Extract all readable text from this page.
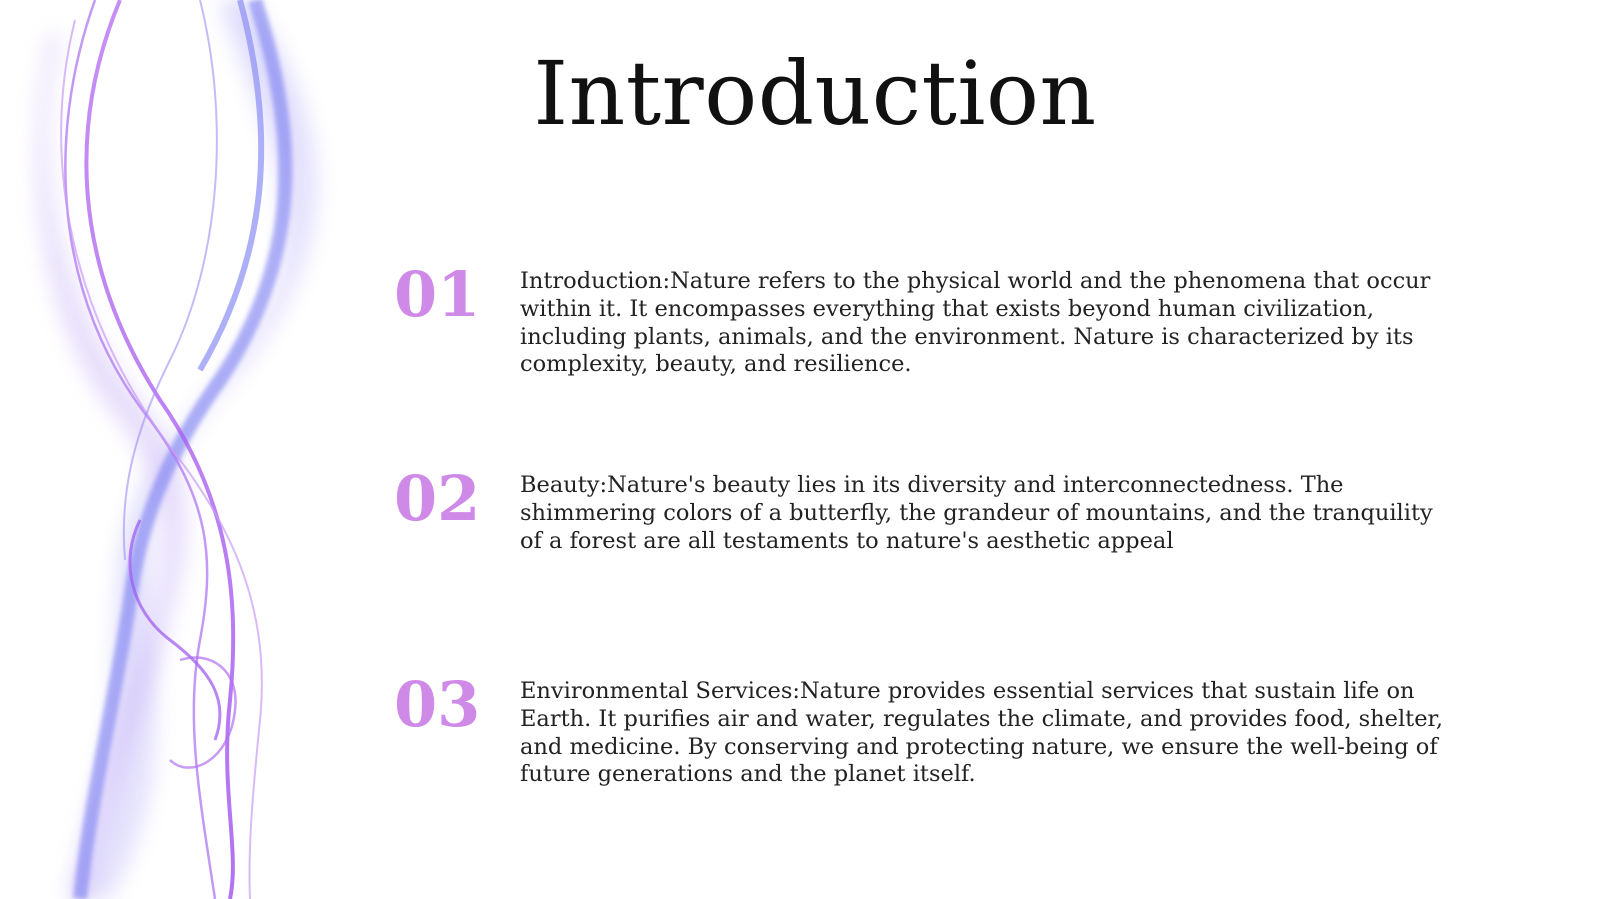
Introduction
01 Introduction:Nature refers to the physical world and the phenomena that occur within it. It encompasses everything that exists beyond human civilization, including plants, animals, and the environment. Nature is characterized by its complexity, beauty, and resilience.

02 Beauty:Nature's beauty lies in its diversity and interconnectedness. The shimmering colors of a butterfly, the grandeur of mountains, and the tranquility of a forest are all testaments to nature's aesthetic appeal

03 Environmental Services:Nature provides essential services that sustain life on Earth. It purifies air and water, regulates the climate, and provides food, shelter, and medicine. By conserving and protecting nature, we ensure the well-being of future generations and the planet itself.
